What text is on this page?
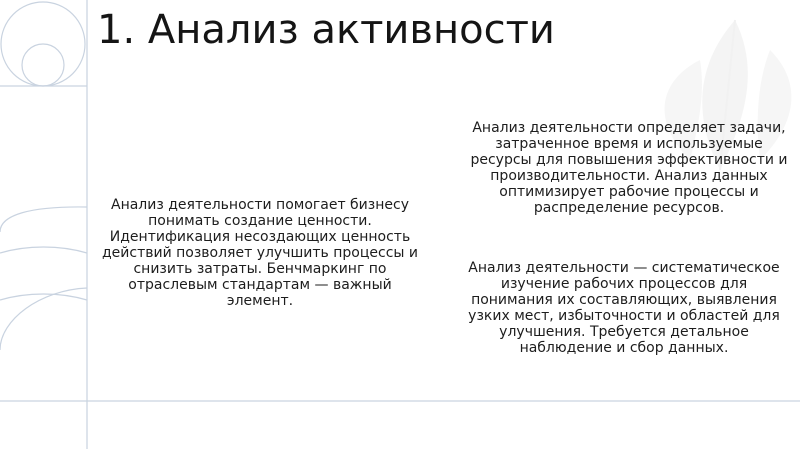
1. Анализ активности
Анализ деятельности помогает бизнесу понимать создание ценности. Идентификация несоздающих ценность действий позволяет улучшить процессы и снизить затраты. Бенчмаркинг по отраслевым стандартам — важный элемент.
Анализ деятельности определяет задачи, затраченное время и используемые ресурсы для повышения эффективности и производительности. Анализ данных оптимизирует рабочие процессы и распределение ресурсов.
Анализ деятельности — систематическое изучение рабочих процессов для понимания их составляющих, выявления узких мест, избыточности и областей для улучшения. Требуется детальное наблюдение и сбор данных.
